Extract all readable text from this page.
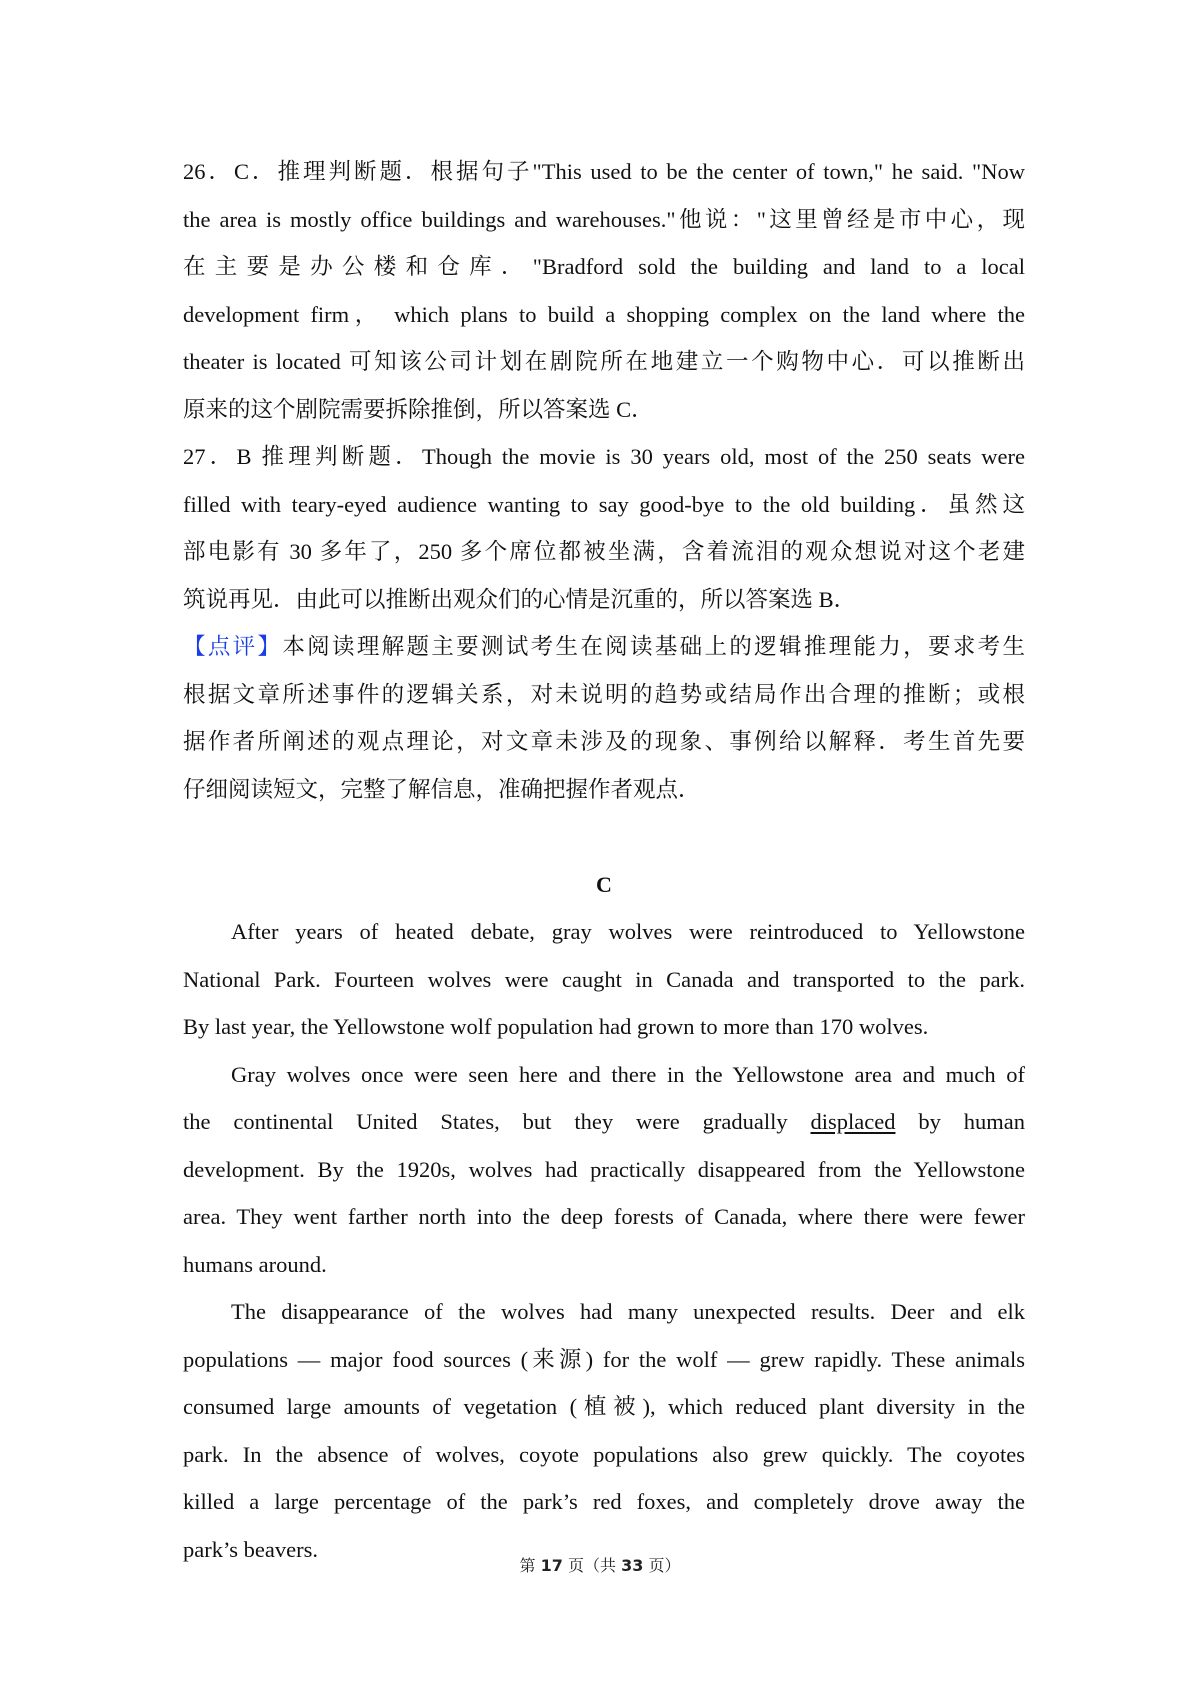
26．C．推理判断题．根据句子"This used to be the center of town," he said. "Now
the area is mostly office buildings and warehouses."他说："这里曾经是市中心，现
在主要是办公楼和仓库．"Bradford sold the building and land to a local
development firm， which plans to build a shopping complex on the land where the
theater is located 可知该公司计划在剧院所在地建立一个购物中心．可以推断出
原来的这个剧院需要拆除推倒，所以答案选 C．
27．B 推理判断题．Though the movie is 30 years old, most of the 250 seats were
filled with teary-eyed audience wanting to say good-bye to the old building．虽然这
部电影有 30 多年了，250 多个席位都被坐满，含着流泪的观众想说对这个老建
筑说再见．由此可以推断出观众们的心情是沉重的，所以答案选 B．
【点评】本阅读理解题主要测试考生在阅读基础上的逻辑推理能力，要求考生
根据文章所述事件的逻辑关系，对未说明的趋势或结局作出合理的推断；或根
据作者所阐述的观点理论，对文章未涉及的现象、事例给以解释．考生首先要
仔细阅读短文，完整了解信息，准确把握作者观点．
C
After years of heated debate, gray wolves were reintroduced to Yellowstone
National Park. Fourteen wolves were caught in Canada and transported to the park.
By last year, the Yellowstone wolf population had grown to more than 170 wolves.
Gray wolves once were seen here and there in the Yellowstone area and much of
the continental United States, but they were gradually displaced by human
development. By the 1920s, wolves had practically disappeared from the Yellowstone
area. They went farther north into the deep forests of Canada, where there were fewer
humans around.
The disappearance of the wolves had many unexpected results. Deer and elk
populations — major food sources (来源) for the wolf — grew rapidly. These animals
consumed large amounts of vegetation (植被), which reduced plant diversity in the
park. In the absence of wolves, coyote populations also grew quickly. The coyotes
killed a large percentage of the park’s red foxes, and completely drove away the
park’s beavers.
第 17 页（共 33 页）
